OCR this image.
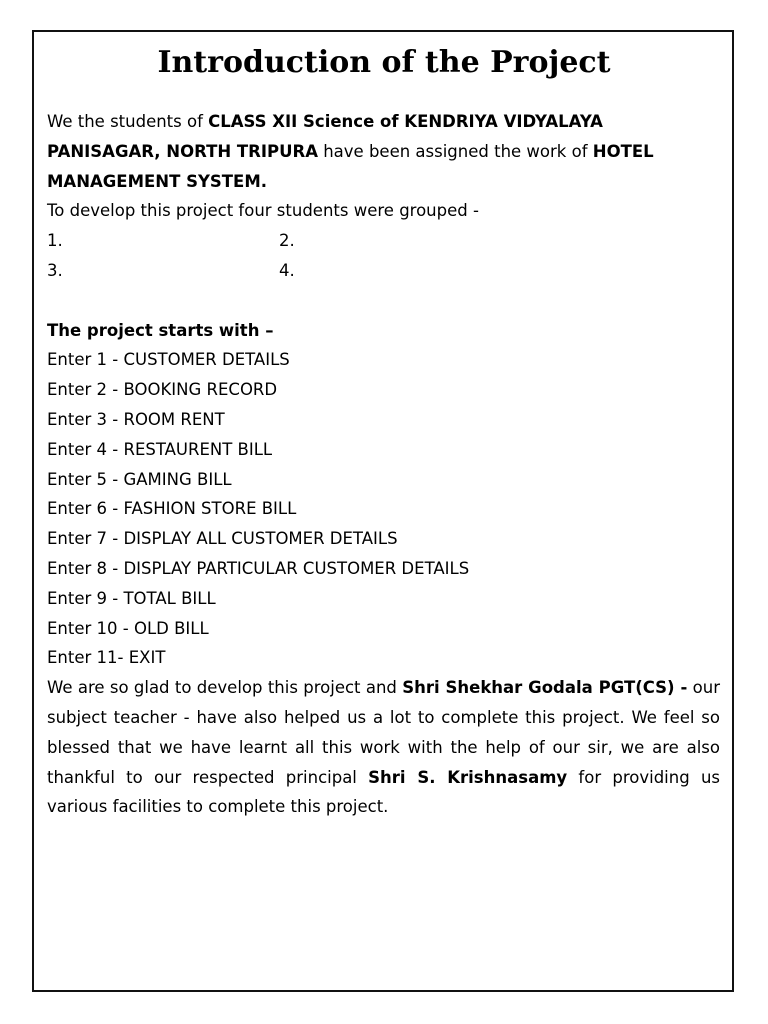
Introduction of the Project

We the students of CLASS XII Science of KENDRIYA VIDYALAYA PANISAGAR, NORTH TRIPURA have been assigned the work of HOTEL MANAGEMENT SYSTEM.

To develop this project four students were grouped -

1.	2.
3.	4.

The project starts with –

Enter 1 - CUSTOMER DETAILS

Enter 2 - BOOKING RECORD

Enter 3 - ROOM RENT

Enter 4 - RESTAURENT BILL

Enter 5 - GAMING BILL

Enter 6 - FASHION STORE BILL

Enter 7 - DISPLAY ALL CUSTOMER DETAILS

Enter 8 - DISPLAY PARTICULAR CUSTOMER DETAILS

Enter 9 - TOTAL BILL

Enter 10 - OLD BILL

Enter 11- EXIT

We are so glad to develop this project and Shri Shekhar Godala PGT(CS) - our subject teacher - have also helped us a lot to complete this project. We feel so blessed that we have learnt all this work with the help of our sir, we are also thankful to our respected principal Shri S. Krishnasamy for providing us various facilities to complete this project.
